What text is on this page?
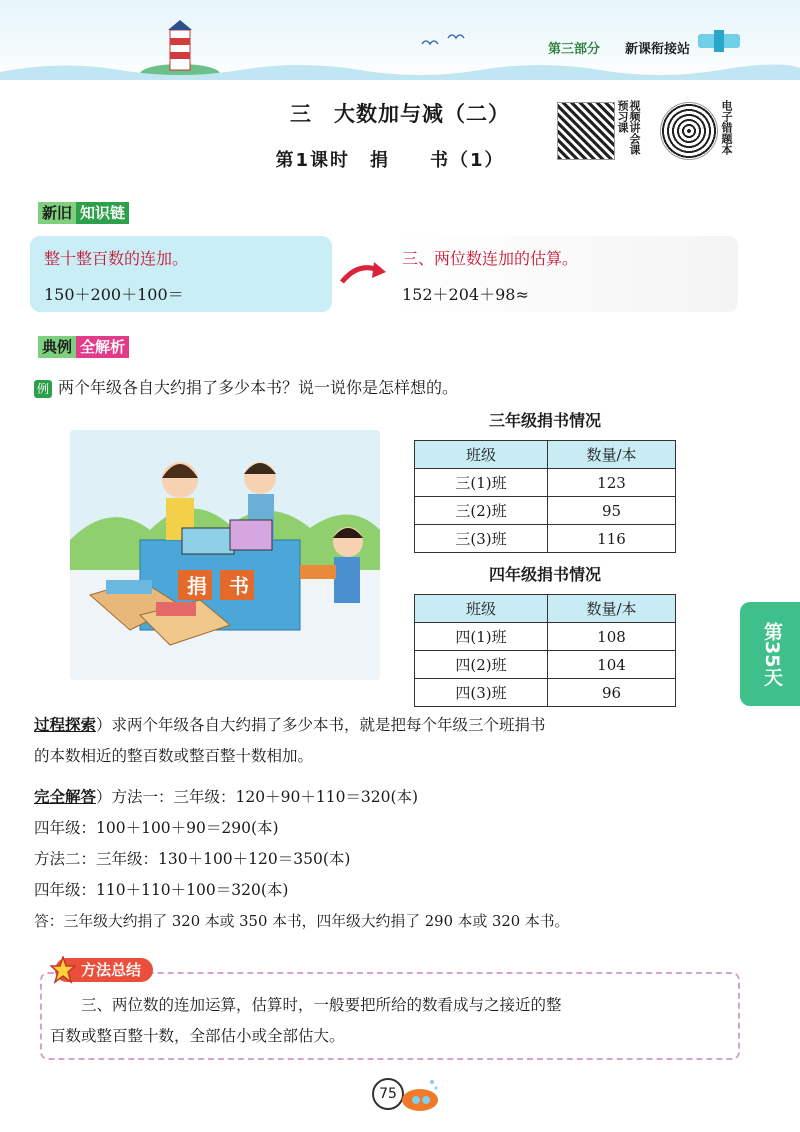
第三部分 新课衔接站
三　大数加与减（二）
第1课时　捐　　书（1）
视频讲会课预习课	电子错题本
新旧 知识链
整十整百数的连加。
150＋200＋100＝
三、两位数连加的估算。
152＋204＋98≈
典例 全解析
例 两个年级各自大约捐了多少本书？说一说你是怎样想的。
捐 书
三年级捐书情况
班级	数量/本
三(1)班	123
三(2)班	95
三(3)班	116
四年级捐书情况
班级	数量/本
四(1)班	108
四(2)班	104
四(3)班	96
第35天
过程探索）求两个年级各自大约捐了多少本书，就是把每个年级三个班捐书
的本数相近的整百数或整百整十数相加。
完全解答）方法一：三年级：120＋90＋110＝320(本)
四年级：100＋100＋90＝290(本)
方法二：三年级：130＋100＋120＝350(本)
四年级：110＋110＋100＝320(本)
答：三年级大约捐了 320 本或 350 本书，四年级大约捐了 290 本或 320 本书。
方法总结
三、两位数的连加运算，估算时，一般要把所给的数看成与之接近的整
百数或整百整十数，全部估小或全部估大。
75
